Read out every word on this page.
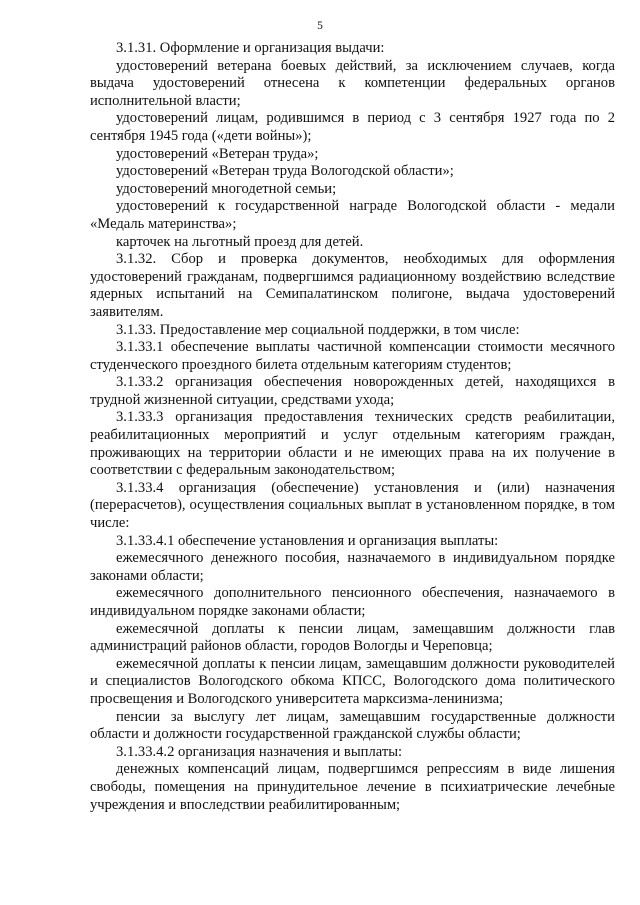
5

3.1.31. Оформление и организация выдачи:

удостоверений ветерана боевых действий, за исключением случаев, когда выдача удостоверений отнесена к компетенции федеральных органов исполнительной власти;

удостоверений лицам, родившимся в период с 3 сентября 1927 года по 2 сентября 1945 года («дети войны»);

удостоверений «Ветеран труда»;

удостоверений «Ветеран труда Вологодской области»;

удостоверений многодетной семьи;

удостоверений к государственной награде Вологодской области - медали «Медаль материнства»;

карточек на льготный проезд для детей.

3.1.32. Сбор и проверка документов, необходимых для оформления удостоверений гражданам, подвергшимся радиационному воздействию вследствие ядерных испытаний на Семипалатинском полигоне, выдача удостоверений заявителям.

3.1.33. Предоставление мер социальной поддержки, в том числе:

3.1.33.1 обеспечение выплаты частичной компенсации стоимости месячного студенческого проездного билета отдельным категориям студентов;

3.1.33.2 организация обеспечения новорожденных детей, находящихся в трудной жизненной ситуации, средствами ухода;

3.1.33.3 организация предоставления технических средств реабилитации, реабилитационных мероприятий и услуг отдельным категориям граждан, проживающих на территории области и не имеющих права на их получение в соответствии с федеральным законодательством;

3.1.33.4 организация (обеспечение) установления и (или) назначения (перерасчетов), осуществления социальных выплат в установленном порядке, в том числе:

3.1.33.4.1 обеспечение установления и организация выплаты:

ежемесячного денежного пособия, назначаемого в индивидуальном порядке законами области;

ежемесячного дополнительного пенсионного обеспечения, назначаемого в индивидуальном порядке законами области;

ежемесячной доплаты к пенсии лицам, замещавшим должности глав администраций районов области, городов Вологды и Череповца;

ежемесячной доплаты к пенсии лицам, замещавшим должности руководителей и специалистов Вологодского обкома КПСС, Вологодского дома политического просвещения и Вологодского университета марксизма-ленинизма;

пенсии за выслугу лет лицам, замещавшим государственные должности области и должности государственной гражданской службы области;

3.1.33.4.2 организация назначения и выплаты:

денежных компенсаций лицам, подвергшимся репрессиям в виде лишения свободы, помещения на принудительное лечение в психиатрические лечебные учреждения и впоследствии реабилитированным;
